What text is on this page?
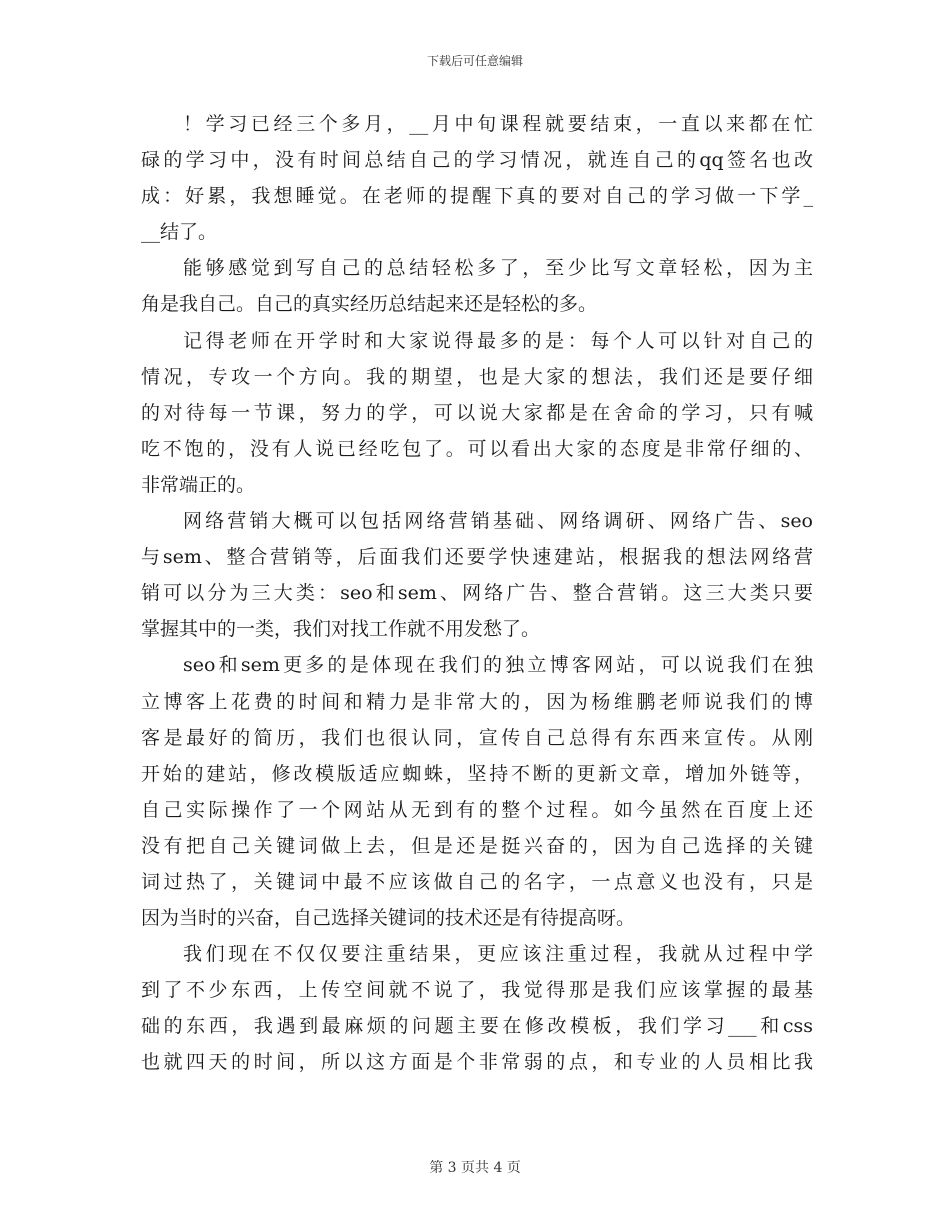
下载后可任意编辑
！学习已经三个多月，__月中旬课程就要结束，一直以来都在忙
碌的学习中，没有时间总结自己的学习情况，就连自己的qq签名也改
成：好累，我想睡觉。在老师的提醒下真的要对自己的学习做一下学_
__结了。
能够感觉到写自己的总结轻松多了，至少比写文章轻松，因为主
角是我自己。自己的真实经历总结起来还是轻松的多。
记得老师在开学时和大家说得最多的是：每个人可以针对自己的
情况，专攻一个方向。我的期望，也是大家的想法，我们还是要仔细
的对待每一节课，努力的学，可以说大家都是在舍命的学习，只有喊
吃不饱的，没有人说已经吃包了。可以看出大家的态度是非常仔细的、
非常端正的。
网络营销大概可以包括网络营销基础、网络调研、网络广告、seo
与sem、整合营销等，后面我们还要学快速建站，根据我的想法网络营
销可以分为三大类：seo和sem、网络广告、整合营销。这三大类只要
掌握其中的一类，我们对找工作就不用发愁了。
seo和sem更多的是体现在我们的独立博客网站，可以说我们在独
立博客上花费的时间和精力是非常大的，因为杨维鹏老师说我们的博
客是最好的简历，我们也很认同，宣传自己总得有东西来宣传。从刚
开始的建站，修改模版适应蜘蛛，坚持不断的更新文章，增加外链等，
自己实际操作了一个网站从无到有的整个过程。如今虽然在百度上还
没有把自己关键词做上去，但是还是挺兴奋的，因为自己选择的关键
词过热了，关键词中最不应该做自己的名字，一点意义也没有，只是
因为当时的兴奋，自己选择关键词的技术还是有待提高呀。
我们现在不仅仅要注重结果，更应该注重过程，我就从过程中学
到了不少东西，上传空间就不说了，我觉得那是我们应该掌握的最基
础的东西，我遇到最麻烦的问题主要在修改模板，我们学习___和css
也就四天的时间，所以这方面是个非常弱的点，和专业的人员相比我
第 3 页共 4 页
